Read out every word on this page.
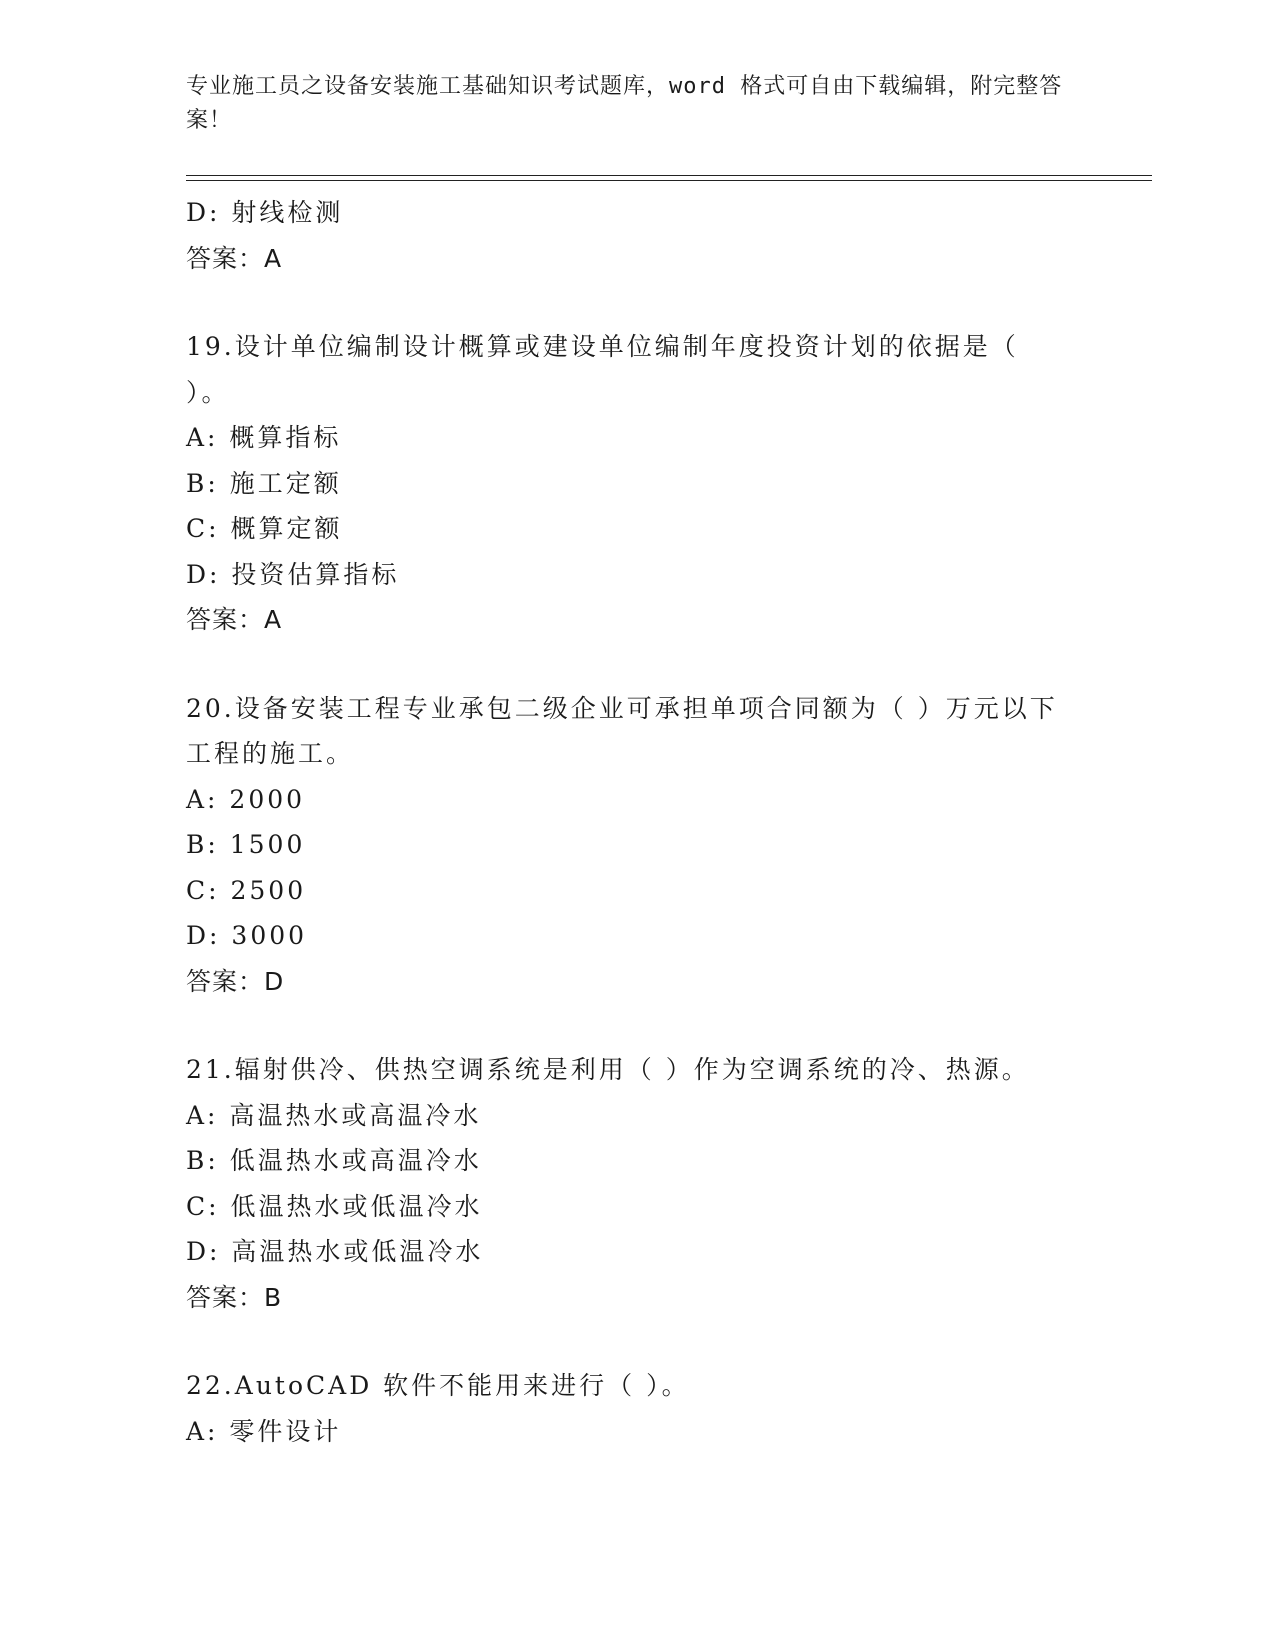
专业施工员之设备安装施工基础知识考试题库，word 格式可自由下载编辑，附完整答案！
D: 射线检测
答案：A
19.设计单位编制设计概算或建设单位编制年度投资计划的依据是（ ）。
A: 概算指标
B: 施工定额
C: 概算定额
D: 投资估算指标
答案：A
20.设备安装工程专业承包二级企业可承担单项合同额为（ ）万元以下工程的施工。
A: 2000
B: 1500
C: 2500
D: 3000
答案：D
21.辐射供冷、供热空调系统是利用（ ）作为空调系统的冷、热源。
A: 高温热水或高温冷水
B: 低温热水或高温冷水
C: 低温热水或低温冷水
D: 高温热水或低温冷水
答案：B
22.AutoCAD 软件不能用来进行（ ）。
A: 零件设计
